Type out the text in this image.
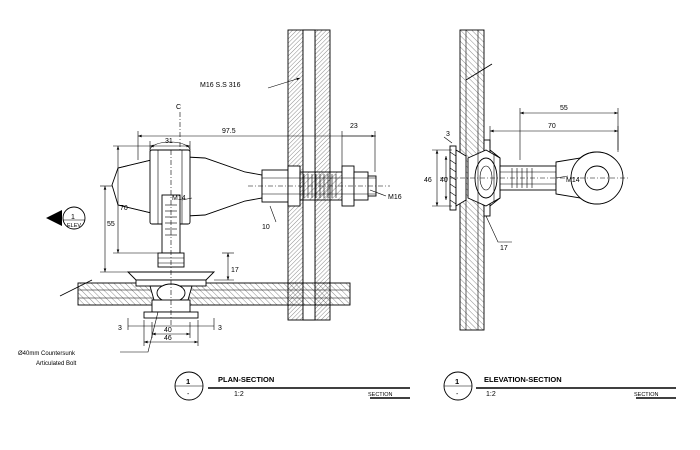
97.5
31
23
70
55	10
17
3	3
40
46
M16 S.S 316
M16
M14
C
Ø40mm Countersunk
Articulated Bolt
1
ELEV
55
70
3
46 40
17
M14
1
-
PLAN-SECTION
1:2	SECTION
1
-
ELEVATION-SECTION
1:2	SECTION
